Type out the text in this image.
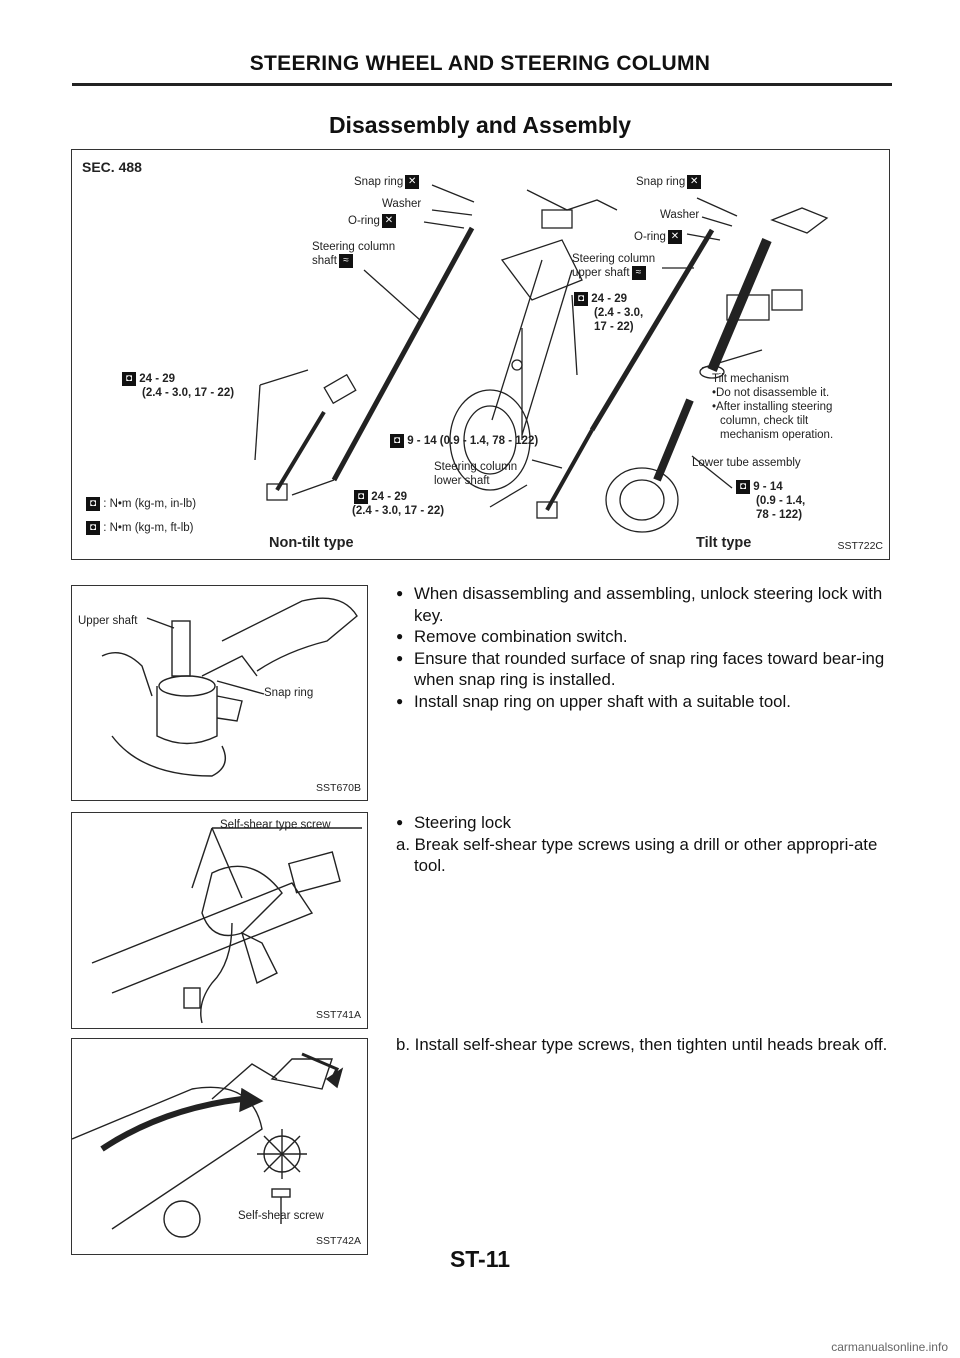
STEERING WHEEL AND STEERING COLUMN
Disassembly and Assembly
SEC. 488
Snap ring ✕
Washer
O-ring ✕
Steering column
shaft ≈
◘ 24 - 29
(2.4 - 3.0, 17 - 22)
◘ 9 - 14 (0.9 - 1.4, 78 - 122)
Steering column
lower shaft
◘ 24 - 29
(2.4 - 3.0, 17 - 22)
◘ : N•m (kg-m, in-lb)
◘ : N•m (kg-m, ft-lb)
Non-tilt type	Tilt type	SST722C
Snap ring ✕
Washer
O-ring ✕
Steering column
upper shaft ≈
◘ 24 - 29
(2.4 - 3.0,
17 - 22)
Tilt mechanism
•Do not disassemble it.
•After installing steering
column, check tilt
mechanism operation.
Lower tube assembly
◘ 9 - 14
(0.9 - 1.4,
78 - 122)
Upper shaft
Snap ring
SST670B
Self-shear type screw
SST741A
Self-shear screw
SST742A
● When disassembling and assembling, unlock steering lock with key.
● Remove combination switch.
● Ensure that rounded surface of snap ring faces toward bear-ing when snap ring is installed.
● Install snap ring on upper shaft with a suitable tool.
● Steering lock
a. Break self-shear type screws using a drill or other appropri-ate tool.
b. Install self-shear type screws, then tighten until heads break off.
ST-11
carmanualsonline.info
